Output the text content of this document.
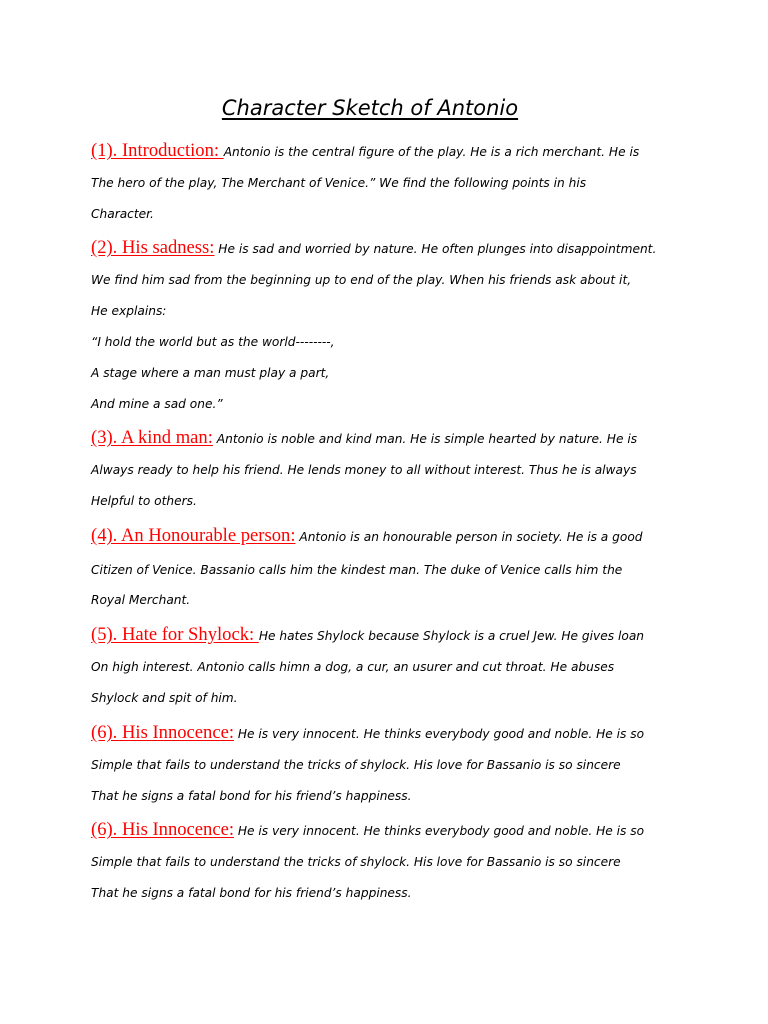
Character Sketch of Antonio
(1). Introduction: Antonio is the central figure of the play. He is a rich merchant. He is
The hero of the play, The Merchant of Venice.” We find the following points in his
Character.
(2). His sadness: He is sad and worried by nature. He often plunges into disappointment.
We find him sad from the beginning up to end of the play. When his friends ask about it,
He explains:
“I hold the world but as the world--------,
A stage where a man must play a part,
And mine a sad one.”
(3). A kind man: Antonio is noble and kind man. He is simple hearted by nature. He is
Always ready to help his friend. He lends money to all without interest. Thus he is always
Helpful to others.
(4). An Honourable person: Antonio is an honourable person in society. He is a good
Citizen of Venice. Bassanio calls him the kindest man. The duke of Venice calls him the
Royal Merchant.
(5). Hate for Shylock: He hates Shylock because Shylock is a cruel Jew. He gives loan
On high interest. Antonio calls himn a dog, a cur, an usurer and cut throat. He abuses
Shylock and spit of him.
(6). His Innocence: He is very innocent. He thinks everybody good and noble. He is so
Simple that fails to understand the tricks of shylock. His love for Bassanio is so sincere
That he signs a fatal bond for his friend’s happiness.
(6). His Innocence: He is very innocent. He thinks everybody good and noble. He is so
Simple that fails to understand the tricks of shylock. His love for Bassanio is so sincere
That he signs a fatal bond for his friend’s happiness.
